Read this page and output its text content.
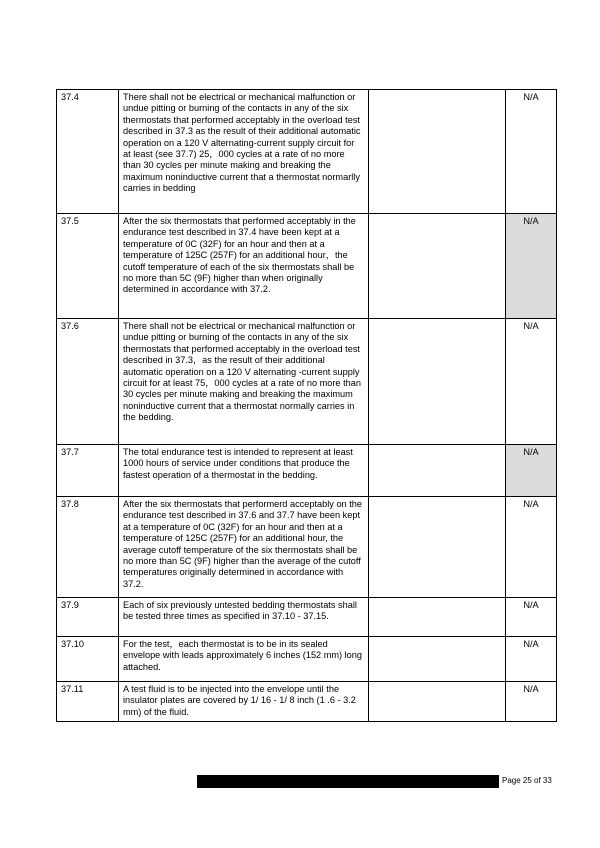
37.4	There shall not be electrical or mechanical malfunction or undue pitting or burning of the contacts in any of the six thermostats that performed acceptably in the overload test described in 37.3 as the result of their additional automatic operation on a 120 V alternating-current supply circuit for at least (see 37.7) 25，000 cycles at a rate of no more than 30 cycles per minute making and breaking the maximum noninductive current that a thermostat normarlly carries in bedding		N/A
37.5	After the six thermostats that performed acceptably in the endurance test described in 37.4 have been kept at a temperature of 0C (32F) for an hour and then at a temperature of 125C (257F) for an additional hour，the cutoff temperature of each of the six thermostats shall be no more than 5C (9F) higher than when originally determined in accordance with 37.2.		N/A
37.6	There shall not be electrical or mechanical malfunction or undue pitting or burning of the contacts in any of the six thermostats that performed acceptably in the overload test described in 37.3，as the result of their additional automatic operation on a 120 V alternating -current supply circuit for at least 75，000 cycles at a rate of no more than 30 cycles per minute making and breaking the maximum noninductive current that a thermostat normally carries in the bedding.		N/A
37.7	The total endurance test is intended to represent at least 1000 hours of service under conditions that produce the fastest operation of a thermostat in the bedding.		N/A
37.8	After the six thermostats that performerd acceptably on the endurance test described in 37.6 and 37.7 have been kept at a temperature of 0C (32F) for an hour and then at a temperature of 125C (257F) for an additional hour, the average cutoff temperature of the six thermostats shall be no more than 5C (9F) higher than the average of the cutoff temperatures originally determined in accordance with 37.2.		N/A
37.9	Each of six previously untested bedding thermostats shall be tested three times as specified in 37.10 - 37.15.		N/A
37.10	For the test，each thermostat is to be in its sealed envelope with leads approximately 6 inches (152 mm) long attached.		N/A
37.11	A test fluid is to be injected into the envelope until the insulator plates are covered by 1/ 16 - 1/ 8 inch (1 .6 - 3.2 mm) of the fluid.		N/A
Page 25 of 33
